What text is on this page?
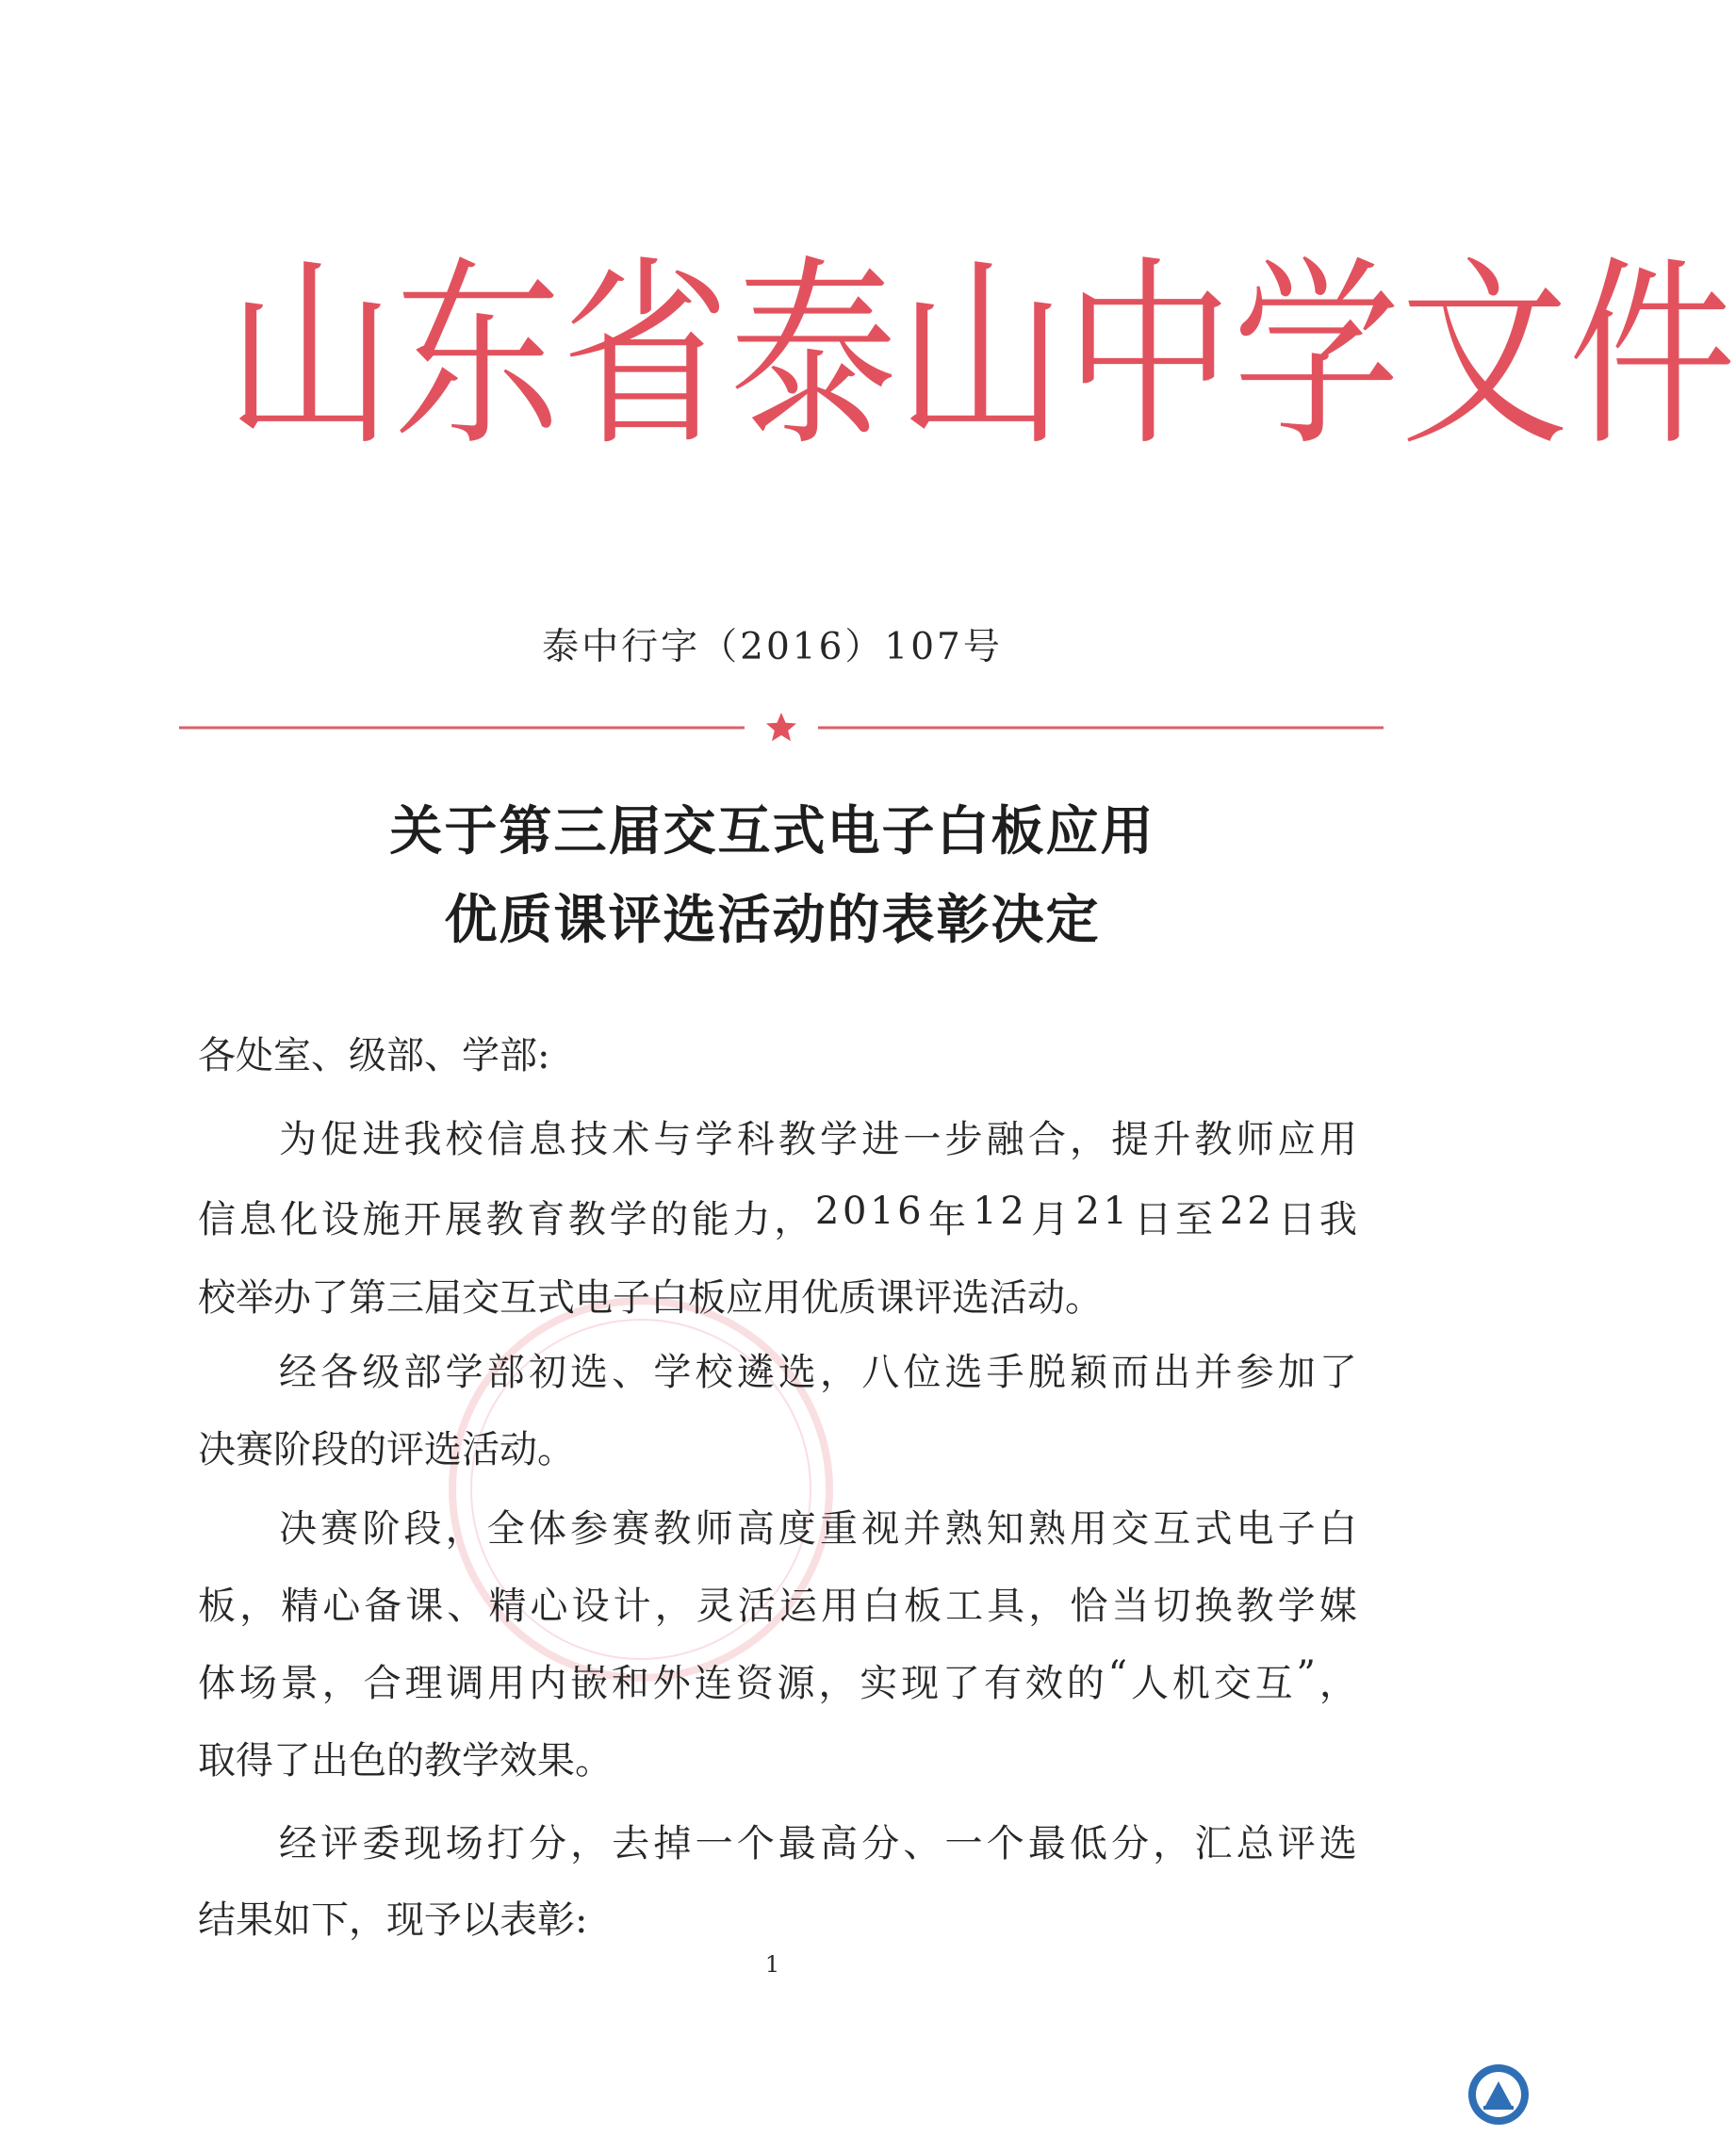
山 东 省 泰 山 中 学 文 件
泰中行字（2016）107号
关于第三届交互式电子白板应用
优质课评选活动的表彰决定
各处室、级部、学部:
为 促 进 我 校 信 息 技 术 与 学 科 教 学 进 一 步 融 合 ， 提 升 教 师 应 用
信 息 化 设 施 开 展 教 育 教 学 的 能 力 ， 2 0 1 6 年 1 2 月 2 1 日 至 2 2 日 我
校举办了第三届交互式电子白板应用优质课评选活动。
经 各 级 部 学 部 初 选 、 学 校 遴 选 ， 八 位 选 手 脱 颖 而 出 并 参 加 了
决赛阶段的评选活动。
决 赛 阶 段 ， 全 体 参 赛 教 师 高 度 重 视 并 熟 知 熟 用 交 互 式 电 子 白
板 ， 精 心 备 课 、 精 心 设 计 ， 灵 活 运 用 白 板 工 具 ， 恰 当 切 换 教 学 媒
体 场 景 ， 合 理 调 用 内 嵌 和 外 连 资 源 ， 实 现 了 有 效 的 “ 人 机 交 互 ” ，
取得了出色的教学效果。
经 评 委 现 场 打 分 ， 去 掉 一 个 最 高 分 、 一 个 最 低 分 ， 汇 总 评 选
结果如下，现予以表彰:
1
